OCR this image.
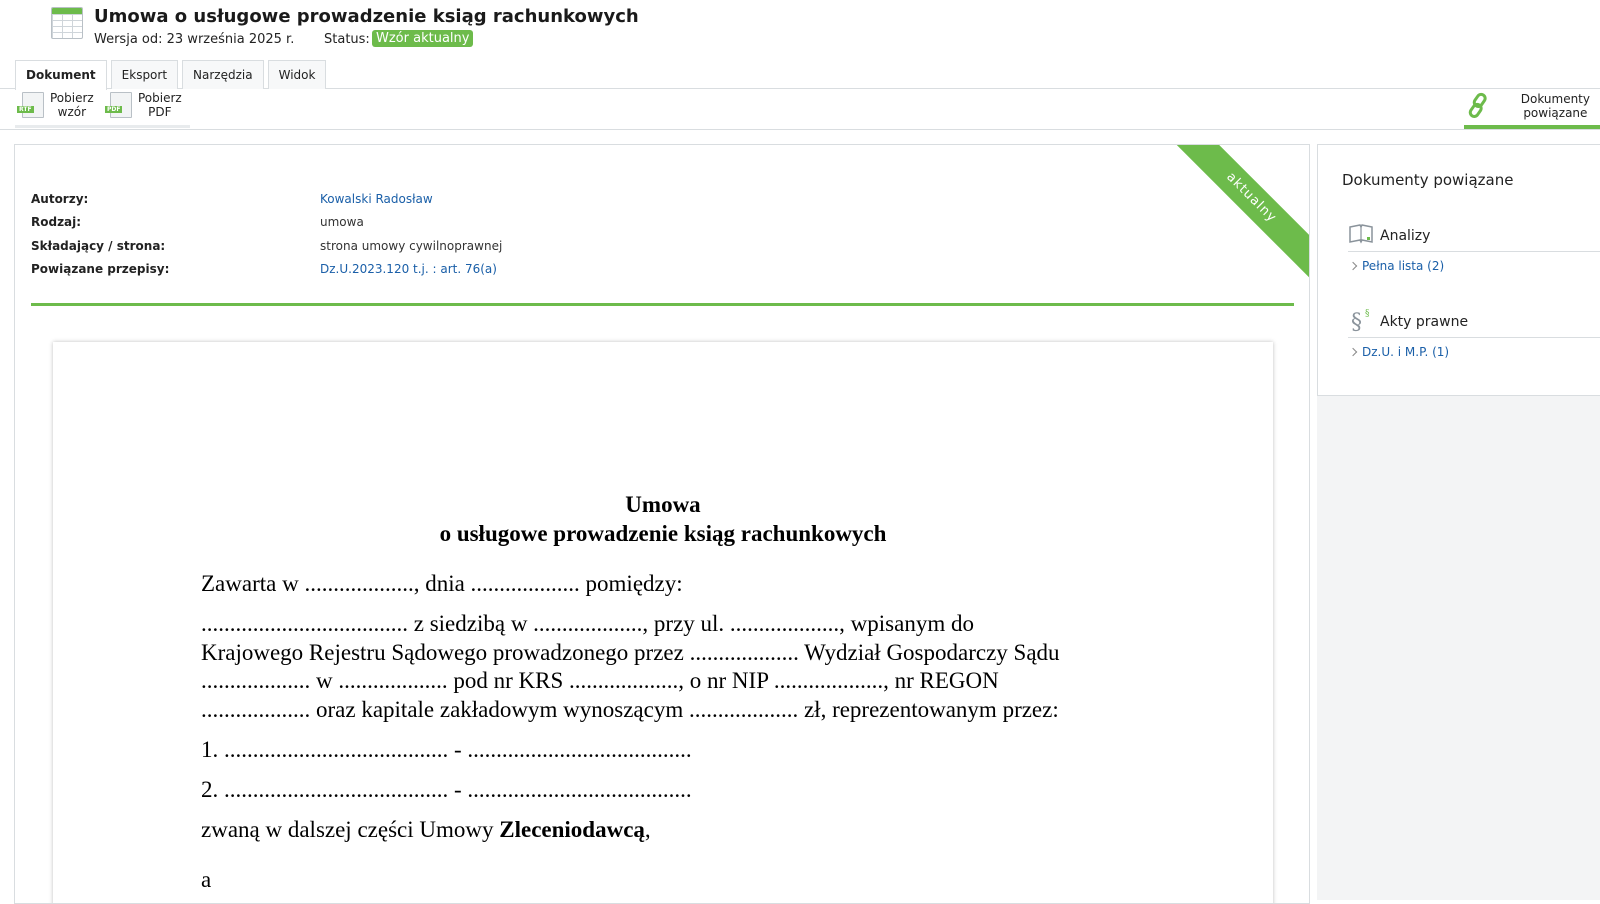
Umowa o usługowe prowadzenie ksiąg rachunkowych
Wersja od: 23 września 2025 r. Status: Wzór aktualny
Dokument	Eksport	Narzędzia	Widok
RTF
Pobierz
wzór	PDF
Pobierz
PDF
Dokumenty
powiązane
aktualny
Autorzy:	Kowalski Radosław
Rodzaj:	umowa
Składający / strona:	strona umowy cywilnoprawnej
Powiązane przepisy:	Dz.U.2023.120 t.j. : art. 76(a)
Umowa
o usługowe prowadzenie ksiąg rachunkowych
Zawarta w ..................., dnia ................... pomiędzy:
.................................... z siedzibą w ..................., przy ul. ..................., wpisanym do
Krajowego Rejestru Sądowego prowadzonego przez ................... Wydział Gospodarczy Sądu
................... w ................... pod nr KRS ..................., o nr NIP ..................., nr REGON
................... oraz kapitale zakładowym wynoszącym ................... zł, reprezentowanym przez:
1. ....................................... - .......................................
2. ....................................... - .......................................
zwaną w dalszej części Umowy Zleceniodawcą,
a
Dokumenty powiązane
Analizy
Pełna lista (2)
§ § Akty prawne
Dz.U. i M.P. (1)
